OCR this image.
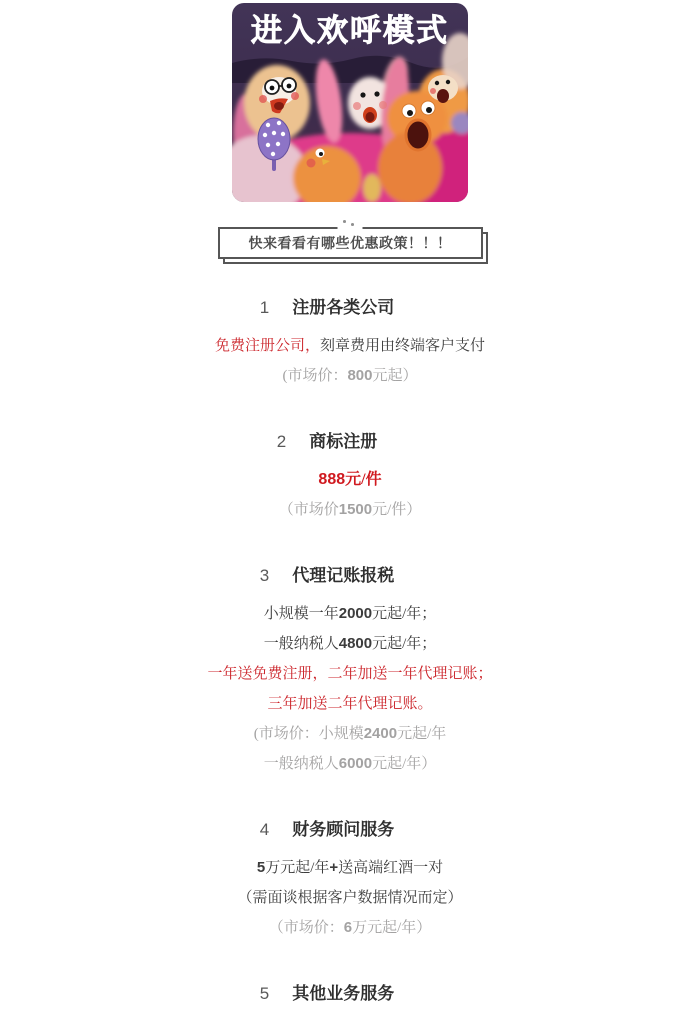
进入欢呼模式
快来看看有哪些优惠政策！！！
1 注册各类公司
免费注册公司，刻章费用由终端客户支付
(市场价：800元起）
2 商标注册
888元/件
（市场价1500元/件）
3 代理记账报税
小规模一年2000元起/年；
一般纳税人4800元起/年；
一年送免费注册，二年加送一年代理记账；
三年加送二年代理记账。
(市场价：小规模2400元起/年
一般纳税人6000元起/年）
4 财务顾问服务
5万元起/年+送高端红酒一对
（需面谈根据客户数据情况而定）
（市场价：6万元起/年）
5 其他业务服务
